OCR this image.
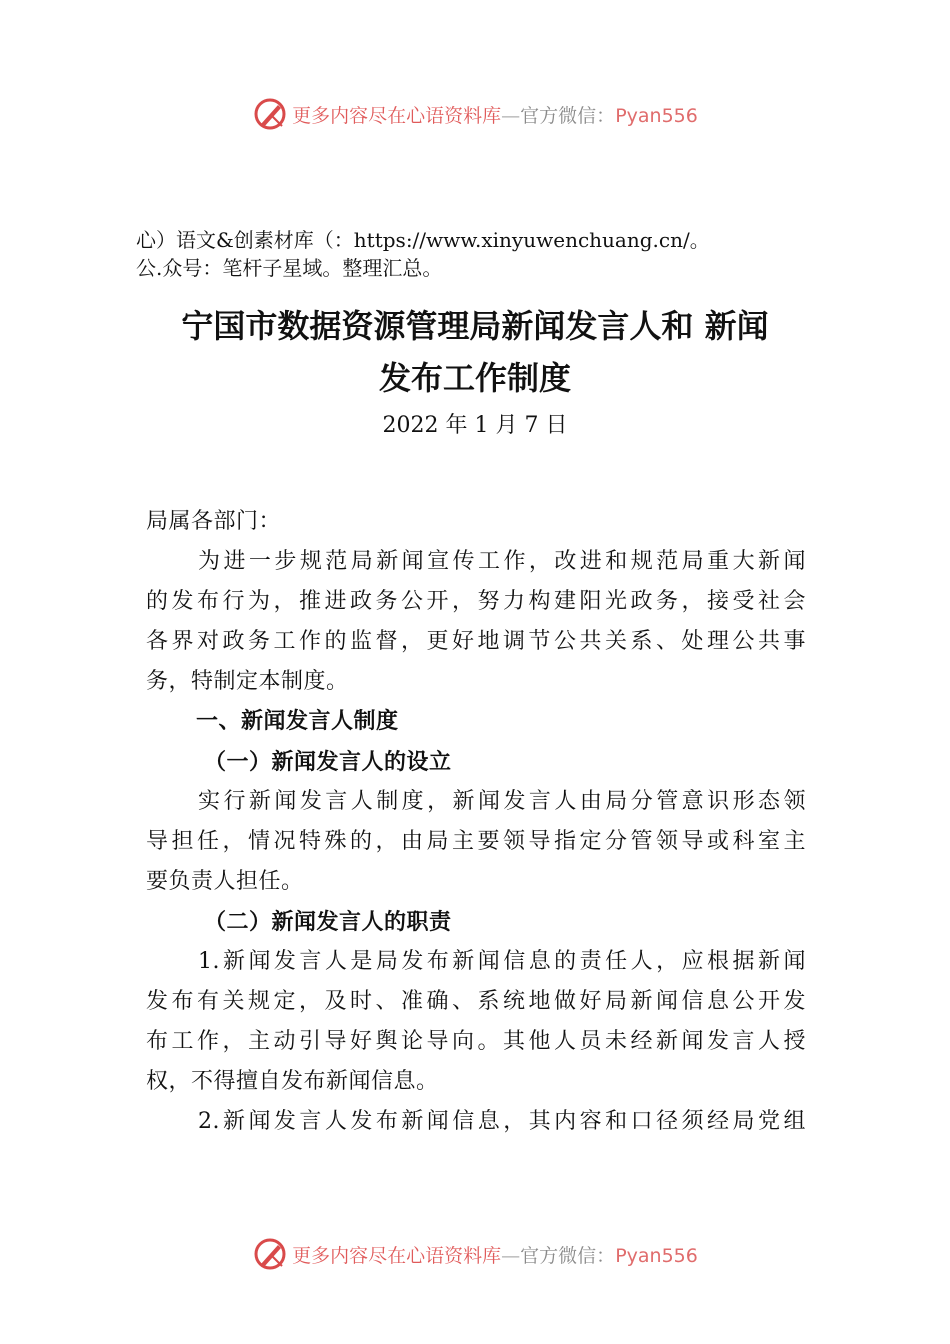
更多内容尽在心语资料库—官方微信：Pyan556
心）语文&创素材库（：https://www.xinyuwenchuang.cn/。
公.众号：笔杆子星域。整理汇总。
宁国市数据资源管理局新闻发言人和 新闻
发布工作制度
2022 年 1 月 7 日
局属各部门：
为进一步规范局新闻宣传工作，改进和规范局重大新闻
的发布行为，推进政务公开，努力构建阳光政务，接受社会
各界对政务工作的监督，更好地调节公共关系、处理公共事
务，特制定本制度。
一、新闻发言人制度
（一）新闻发言人的设立
实行新闻发言人制度，新闻发言人由局分管意识形态领
导担任，情况特殊的，由局主要领导指定分管领导或科室主
要负责人担任。
（二）新闻发言人的职责
1.新闻发言人是局发布新闻信息的责任人，应根据新闻
发布有关规定，及时、准确、系统地做好局新闻信息公开发
布工作，主动引导好舆论导向。其他人员未经新闻发言人授
权，不得擅自发布新闻信息。
2.新闻发言人发布新闻信息，其内容和口径须经局党组
更多内容尽在心语资料库—官方微信：Pyan556
